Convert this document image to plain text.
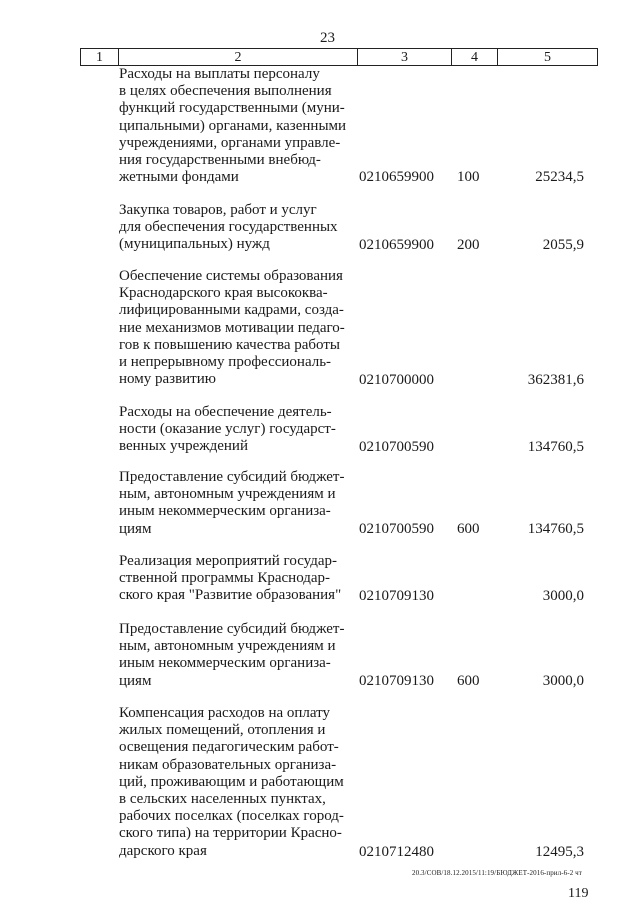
23
1	2	3	4	5
Расходы на выплаты персоналу
в целях обеспечения выполнения
функций государственными (муни-
ципальными) органами, казенными
учреждениями, органами управле-
ния государственными внебюд-
жетными фондами	0210659900 100	25234,5
Закупка товаров, работ и услуг
для обеспечения государственных
(муниципальных) нужд	0210659900 200	2055,9
Обеспечение системы образования
Краснодарского края высококва-
лифицированными кадрами, созда-
ние механизмов мотивации педаго-
гов к повышению качества работы
и непрерывному профессиональ-
ному развитию	0210700000	362381,6
Расходы на обеспечение деятель-
ности (оказание услуг) государст-
венных учреждений	0210700590	134760,5
Предоставление субсидий бюджет-
ным, автономным учреждениям и
иным некоммерческим организа-
циям	0210700590 600	134760,5
Реализация мероприятий государ-
ственной программы Краснодар-
ского края "Развитие образования"	0210709130	3000,0
Предоставление субсидий бюджет-
ным, автономным учреждениям и
иным некоммерческим организа-
циям	0210709130 600	3000,0
Компенсация расходов на оплату
жилых помещений, отопления и
освещения педагогическим работ-
никам образовательных организа-
ций, проживающим и работающим
в сельских населенных пунктах,
рабочих поселках (поселках город-
ского типа) на территории Красно-
дарского края	0210712480	12495,3
20.3/СОВ/18.12.2015/11:19/БЮДЖЕТ-2016-прил-6-2 чт
119
